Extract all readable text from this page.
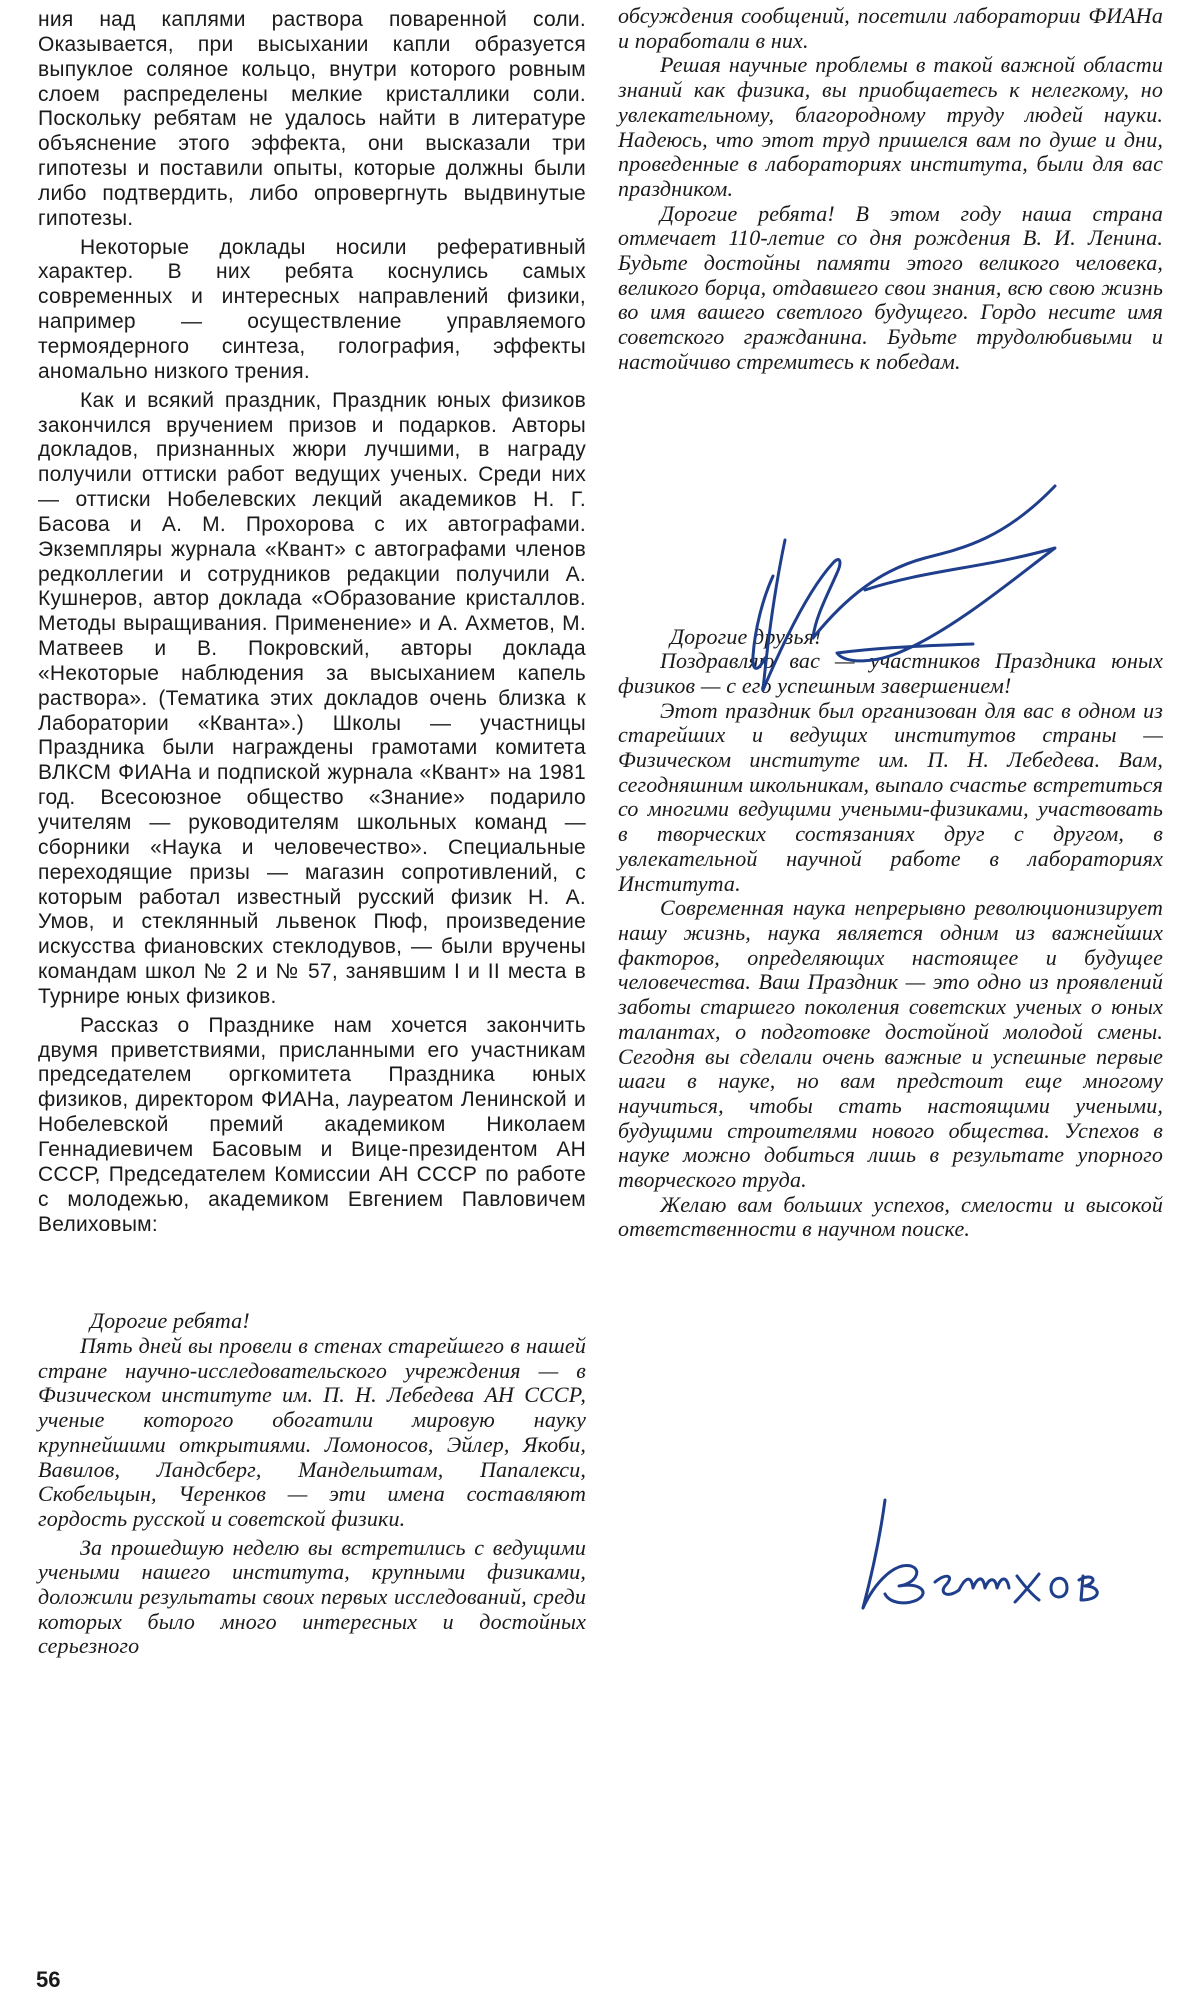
ния над каплями раствора поваренной соли. Оказывается, при высыхании капли образуется выпуклое соляное кольцо, внутри которого ровным слоем распределены мелкие кристаллики соли. Поскольку ребятам не удалось найти в литературе объяснение этого эффекта, они высказали три гипотезы и поставили опыты, которые должны были либо подтвердить, либо опровергнуть выдвинутые гипотезы.

Некоторые доклады носили реферативный характер. В них ребята коснулись самых современных и интересных направлений физики, например — осуществление управляемого термоядерного синтеза, голография, эффекты аномально низкого трения.

Как и всякий праздник, Праздник юных физиков закончился вручением призов и подарков. Авторы докладов, признанных жюри лучшими, в награду получили оттиски работ ведущих ученых. Среди них — оттиски Нобелевских лекций академиков Н. Г. Басова и А. М. Прохорова с их автографами. Экземпляры журнала «Квант» с автографами членов редколлегии и сотрудников редакции получили А. Кушнеров, автор доклада «Образование кристаллов. Методы выращивания. Применение» и А. Ахметов, М. Матвеев и В. Покровский, авторы доклада «Некоторые наблюдения за высыханием капель раствора». (Тематика этих докладов очень близка к Лаборатории «Кванта».) Школы — участницы Праздника были награждены грамотами комитета ВЛКСМ ФИАНа и подпиской журнала «Квант» на 1981 год. Всесоюзное общество «Знание» подарило учителям — руководителям школьных команд — сборники «Наука и человечество». Специальные переходящие призы — магазин сопротивлений, с которым работал известный русский физик Н. А. Умов, и стеклянный львенок Пюф, произведение искусства фиановских стеклодувов, — были вручены командам школ № 2 и № 57, занявшим I и II места в Турнире юных физиков.

Рассказ о Празднике нам хочется закончить двумя приветствиями, присланными его участникам председателем оргкомитета Праздника юных физиков, директором ФИАНа, лауреатом Ленинской и Нобелевской премий академиком Николаем Геннадиевичем Басовым и Вице-президентом АН СССР, Председателем Комиссии АН СССР по работе с молодежью, академиком Евгением Павловичем Велиховым:

Дорогие ребята!

Пять дней вы провели в стенах старейшего в нашей стране научно-исследовательского учреждения — в Физическом институте им. П. Н. Лебедева АН СССР, ученые которого обогатили мировую науку крупнейшими открытиями. Ломоносов, Эйлер, Якоби, Вавилов, Ландсберг, Мандельштам, Папалекси, Скобельцын, Черенков — эти имена составляют гордость русской и советской физики.

За прошедшую неделю вы встретились с ведущими учеными нашего института, крупными физиками, доложили результаты своих первых исследований, среди которых было много интересных и достойных серьезного

обсуждения сообщений, посетили лаборатории ФИАНа и поработали в них.

Решая научные проблемы в такой важной области знаний как физика, вы приобщаетесь к нелегкому, но увлекательному, благородному труду людей науки. Надеюсь, что этот труд пришелся вам по душе и дни, проведенные в лабораториях института, были для вас праздником.

Дорогие ребята! В этом году наша страна отмечает 110-летие со дня рождения В. И. Ленина. Будьте достойны памяти этого великого человека, великого борца, отдавшего свои знания, всю свою жизнь во имя вашего светлого будущего. Гордо несите имя советского гражданина. Будьте трудолюбивыми и настойчиво стремитесь к победам.

Дорогие друзья!

Поздравляю вас — участников Праздника юных физиков — с его успешным завершением!

Этот праздник был организован для вас в одном из старейших и ведущих институтов страны — Физическом институте им. П. Н. Лебедева. Вам, сегодняшним школьникам, выпало счастье встретиться со многими ведущими учеными-физиками, участвовать в творческих состязаниях друг с другом, в увлекательной научной работе в лабораториях Института.

Современная наука непрерывно революционизирует нашу жизнь, наука является одним из важнейших факторов, определяющих настоящее и будущее человечества. Ваш Праздник — это одно из проявлений заботы старшего поколения советских ученых о юных талантах, о подготовке достойной молодой смены. Сегодня вы сделали очень важные и успешные первые шаги в науке, но вам предстоит еще многому научиться, чтобы стать настоящими учеными, будущими строителями нового общества. Успехов в науке можно добиться лишь в результате упорного творческого труда.

Желаю вам больших успехов, смелости и высокой ответственности в научном поиске.

56
